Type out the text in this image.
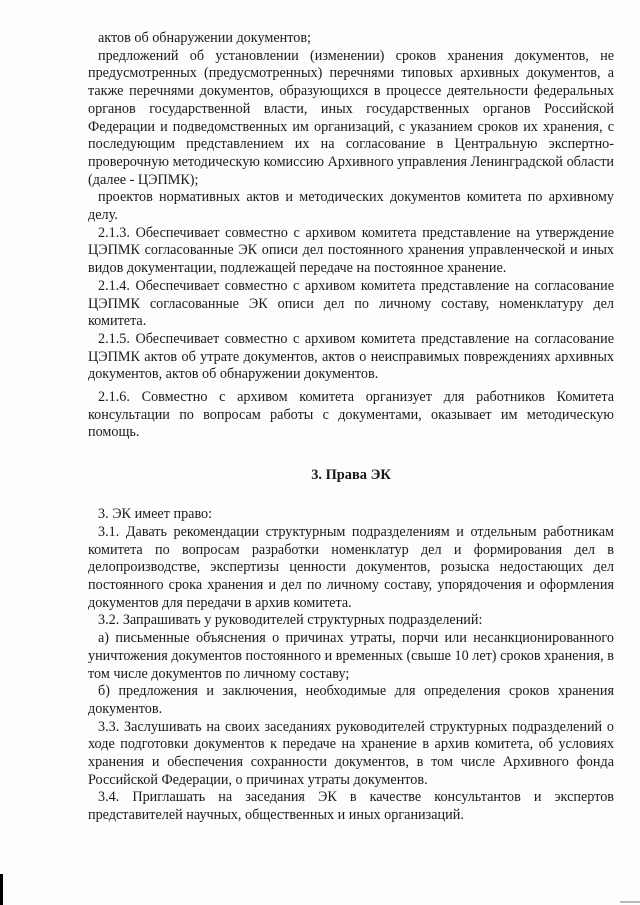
актов об обнаружении документов;

предложений об установлении (изменении) сроков хранения документов, не предусмотренных (предусмотренных) перечнями типовых архивных документов, а также перечнями документов, образующихся в процессе деятельности федеральных органов государственной власти, иных государственных органов Российской Федерации и подведомственных им организаций, с указанием сроков их хранения, с последующим представлением их на согласование в Центральную экспертно-проверочную методическую комиссию Архивного управления Ленинградской области (далее - ЦЭПМК);

проектов нормативных актов и методических документов комитета по архивному делу.

2.1.3. Обеспечивает совместно с архивом комитета представление на утверждение ЦЭПМК согласованные ЭК описи дел постоянного хранения управленческой и иных видов документации, подлежащей передаче на постоянное хранение.

2.1.4. Обеспечивает совместно с архивом комитета представление на согласование ЦЭПМК согласованные ЭК описи дел по личному составу, номенклатуру дел комитета.

2.1.5. Обеспечивает совместно с архивом комитета представление на согласование ЦЭПМК актов об утрате документов, актов о неисправимых повреждениях архивных документов, актов об обнаружении документов.

2.1.6. Совместно с архивом комитета организует для работников Комитета консультации по вопросам работы с документами, оказывает им методическую помощь.

3. Права ЭК

3. ЭК имеет право:

3.1. Давать рекомендации структурным подразделениям и отдельным работникам комитета по вопросам разработки номенклатур дел и формирования дел в делопроизводстве, экспертизы ценности документов, розыска недостающих дел постоянного срока хранения и дел по личному составу, упорядочения и оформления документов для передачи в архив комитета.

3.2. Запрашивать у руководителей структурных подразделений:

а) письменные объяснения о причинах утраты, порчи или несанкционированного уничтожения документов постоянного и временных (свыше 10 лет) сроков хранения, в том числе документов по личному составу;

б) предложения и заключения, необходимые для определения сроков хранения документов.

3.3. Заслушивать на своих заседаниях руководителей структурных подразделений о ходе подготовки документов к передаче на хранение в архив комитета, об условиях хранения и обеспечения сохранности документов, в том числе Архивного фонда Российской Федерации, о причинах утраты документов.

3.4. Приглашать на заседания ЭК в качестве консультантов и экспертов представителей научных, общественных и иных организаций.
